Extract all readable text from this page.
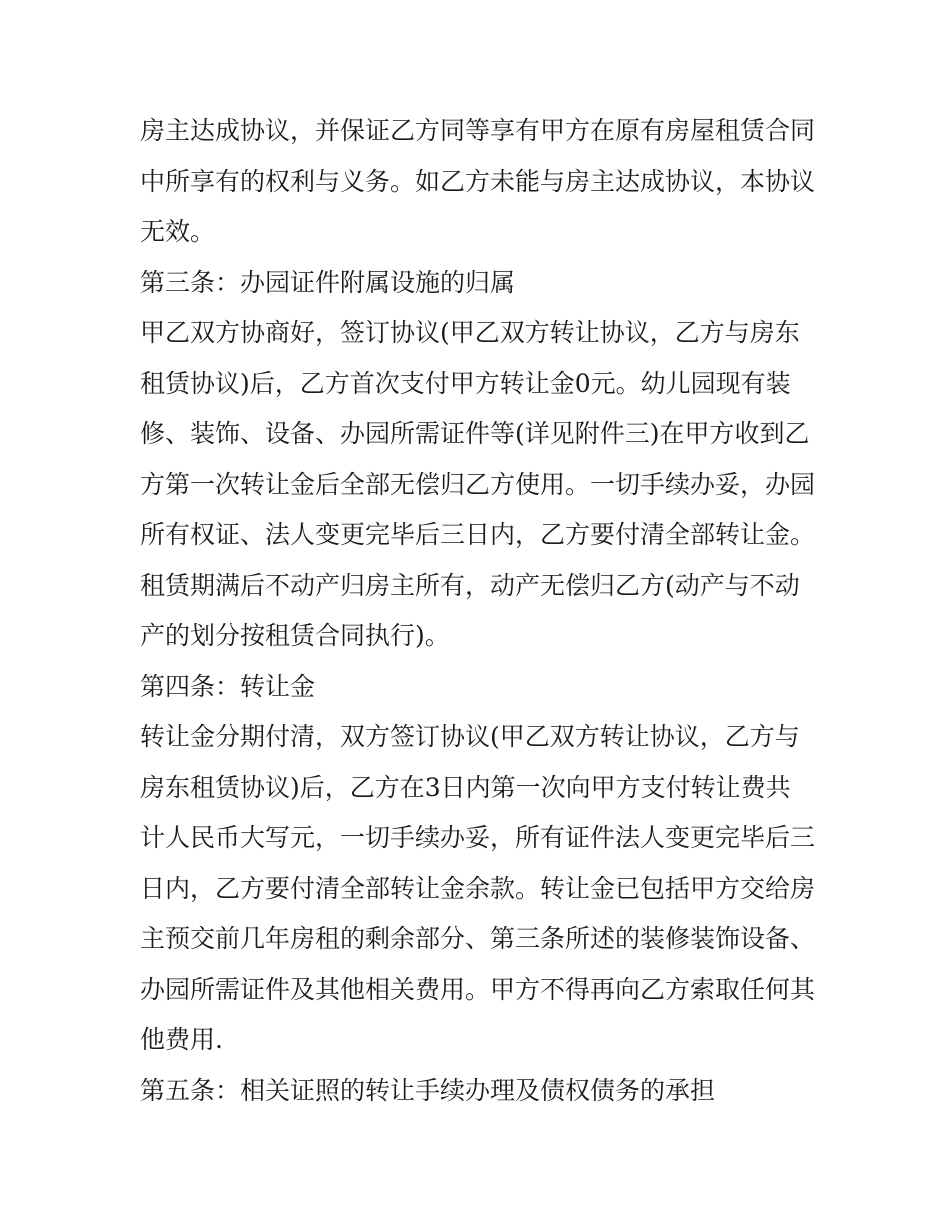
房主达成协议，并保证乙方同等享有甲方在原有房屋租赁合同
中所享有的权利与义务。如乙方未能与房主达成协议，本协议
无效。
第三条：办园证件附属设施的归属
甲乙双方协商好，签订协议(甲乙双方转让协议，乙方与房东
租赁协议)后，乙方首次支付甲方转让金0元。幼儿园现有装
修、装饰、设备、办园所需证件等(详见附件三)在甲方收到乙
方第一次转让金后全部无偿归乙方使用。一切手续办妥，办园
所有权证、法人变更完毕后三日内，乙方要付清全部转让金。
租赁期满后不动产归房主所有，动产无偿归乙方(动产与不动
产的划分按租赁合同执行)。
第四条：转让金
转让金分期付清，双方签订协议(甲乙双方转让协议，乙方与
房东租赁协议)后，乙方在3日内第一次向甲方支付转让费共
计人民币大写元，一切手续办妥，所有证件法人变更完毕后三
日内，乙方要付清全部转让金余款。转让金已包括甲方交给房
主预交前几年房租的剩余部分、第三条所述的装修装饰设备、
办园所需证件及其他相关费用。甲方不得再向乙方索取任何其
他费用.
第五条：相关证照的转让手续办理及债权债务的承担
